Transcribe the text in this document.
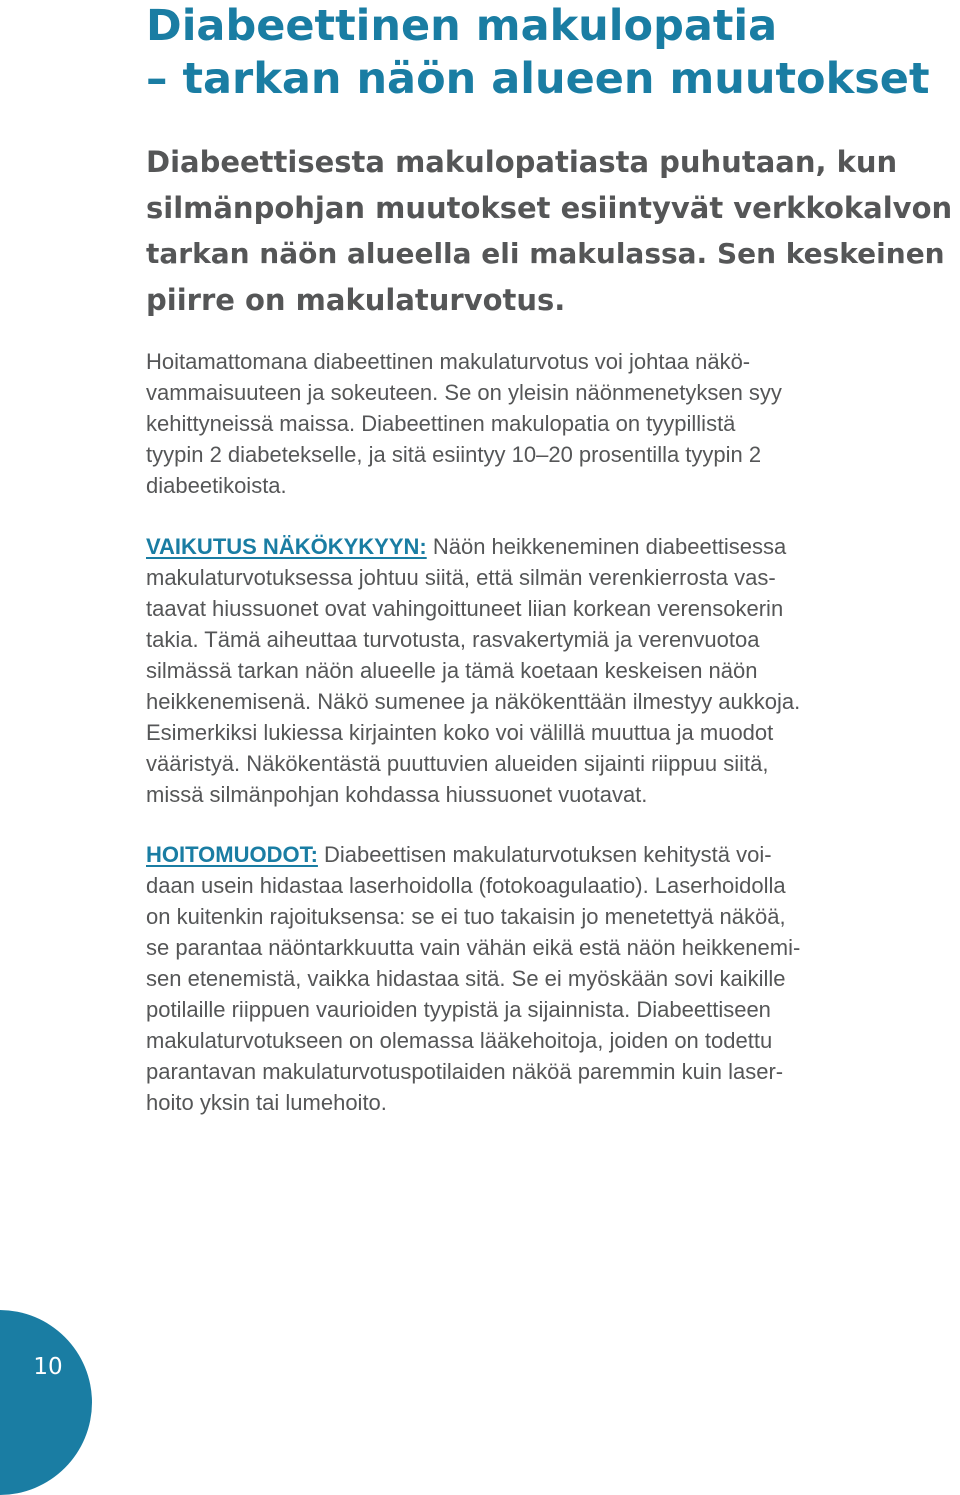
Diabeettinen makulopatia
– tarkan näön alueen muutokset
Diabeettisesta makulopatiasta puhutaan, kun
silmänpohjan muutokset esiintyvät verkkokalvon
tarkan näön alueella eli makulassa. Sen keskeinen
piirre on makulaturvotus.
Hoitamattomana diabeettinen makulaturvotus voi johtaa näkö-
vammaisuuteen ja sokeuteen. Se on yleisin näönmenetyksen syy
kehittyneissä maissa. Diabeettinen makulopatia on tyypillistä
tyypin 2 diabetekselle, ja sitä esiintyy 10–20 prosentilla tyypin 2
diabeetikoista.
VAIKUTUS NÄKÖKYKYYN: Näön heikkeneminen diabeettisessa
makulaturvotuksessa johtuu siitä, että silmän verenkierrosta vas-
taavat hiussuonet ovat vahingoittuneet liian korkean verensokerin
takia. Tämä aiheuttaa turvotusta, rasvakertymiä ja verenvuotoa
silmässä tarkan näön alueelle ja tämä koetaan keskeisen näön
heikkenemisenä. Näkö sumenee ja näkökenttään ilmestyy aukkoja.
Esimerkiksi lukiessa kirjainten koko voi välillä muuttua ja muodot
vääristyä. Näkökentästä puuttuvien alueiden sijainti riippuu siitä,
missä silmänpohjan kohdassa hiussuonet vuotavat.
HOITOMUODOT: Diabeettisen makulaturvotuksen kehitystä voi-
daan usein hidastaa laserhoidolla (fotokoagulaatio). Laserhoidolla
on kuitenkin rajoituksensa: se ei tuo takaisin jo menetettyä näköä,
se parantaa näöntarkkuutta vain vähän eikä estä näön heikkenemi-
sen etenemistä, vaikka hidastaa sitä. Se ei myöskään sovi kaikille
potilaille riippuen vaurioiden tyypistä ja sijainnista. Diabeettiseen
makulaturvotukseen on olemassa lääkehoitoja, joiden on todettu
parantavan makulaturvotuspotilaiden näköä paremmin kuin laser-
hoito yksin tai lumehoito.
10
